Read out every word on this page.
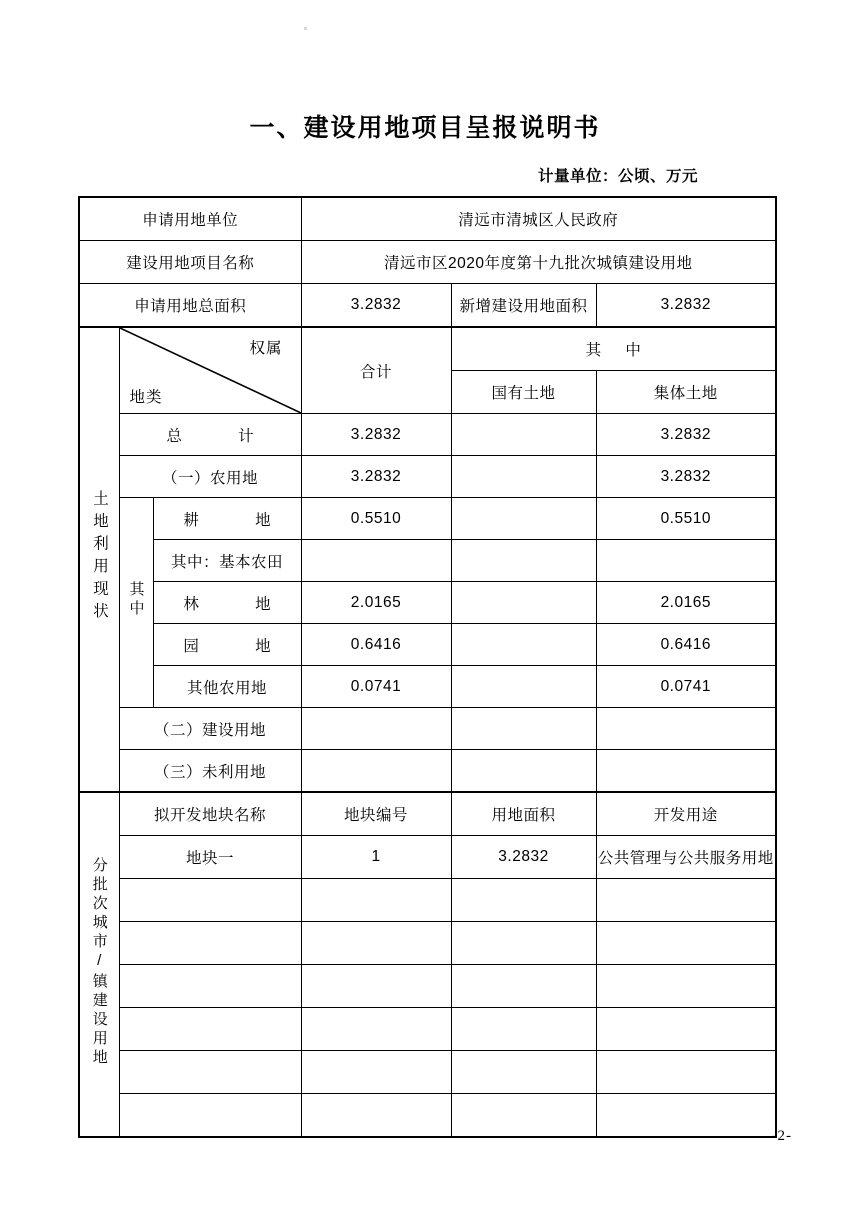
一、建设用地项目呈报说明书
计量单位：公顷、万元
申请用地单位			清远市清城区人民政府		
建设用地项目名称			清远市区2020年度第十九批次城镇建设用地		
申请用地总面积			3.2832	新增建设用地面积	3.2832
土地利用现状	权属
地类		合计	其 中	
				国有土地	集体土地
	总 计		3.2832		3.2832
	（一）农用地		3.2832		3.2832
	其中	耕 地	0.5510		0.5510
		其中：基本农田			
		林 地	2.0165		2.0165
		园 地	0.6416		0.6416
		其他农用地	0.0741		0.0741
	（二）建设用地				
	（三）未利用地				
分批次城市/镇建设用地	拟开发地块名称		地块编号	用地面积	开发用途
	地块一		1	3.2832	公共管理与公共服务用地

-2-
